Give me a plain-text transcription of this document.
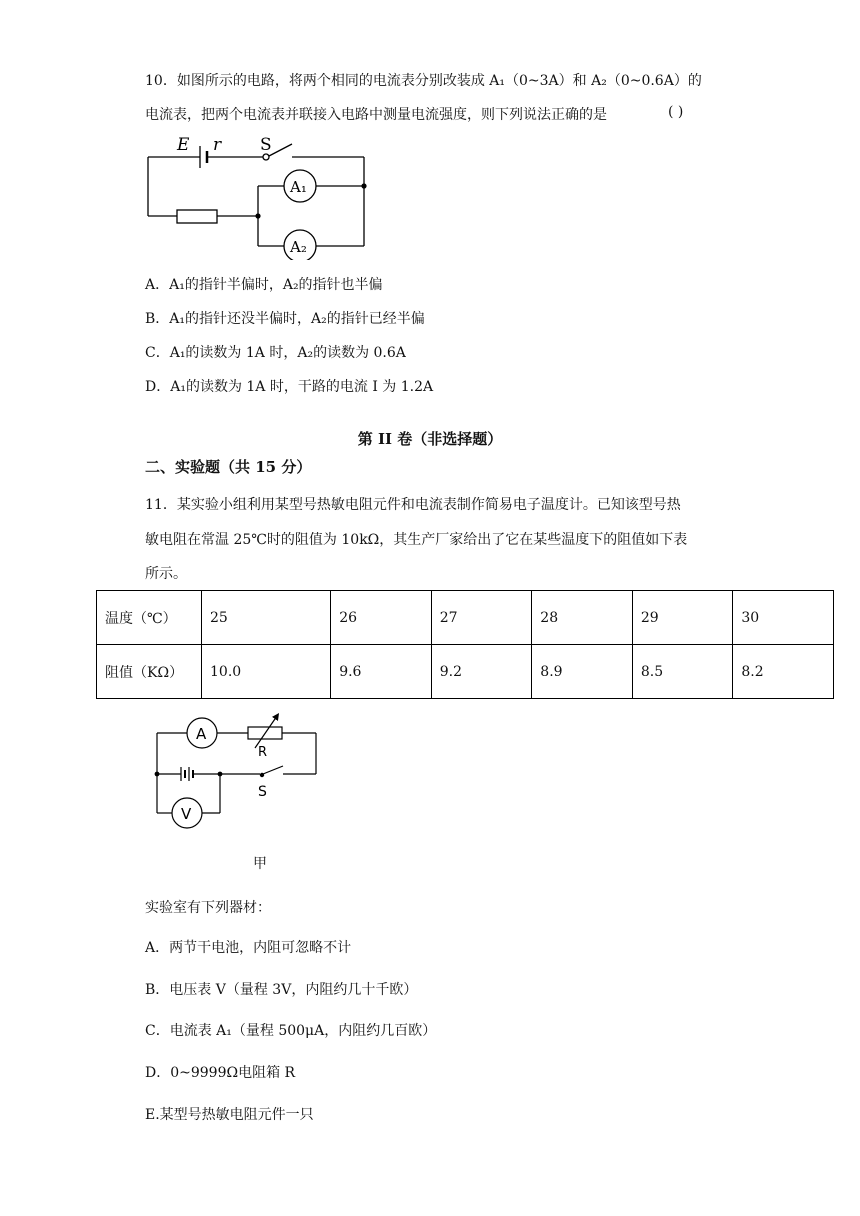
10．如图所示的电路，将两个相同的电流表分别改装成 A₁（0~3A）和 A₂（0~0.6A）的
电流表，把两个电流表并联接入电路中测量电流强度，则下列说法正确的是	( )
E r S
A₁
A₂
A．A₁的指针半偏时，A₂的指针也半偏
B．A₁的指针还没半偏时，A₂的指针已经半偏
C．A₁的读数为 1A 时，A₂的读数为 0.6A
D．A₁的读数为 1A 时，干路的电流 I 为 1.2A
第 II 卷（非选择题）
二、实验题（共 15 分）
11．某实验小组利用某型号热敏电阻元件和电流表制作简易电子温度计。已知该型号热
敏电阻在常温 25℃时的阻值为 10kΩ，其生产厂家给出了它在某些温度下的阻值如下表
所示。
温度（℃）	25	26	27	28	29	30
阻值（KΩ）	10.0	9.6	9.2	8.9	8.5	8.2
A
R
V
S
甲
实验室有下列器材：
A．两节干电池，内阻可忽略不计
B．电压表 V（量程 3V，内阻约几十千欧）
C．电流表 A₁（量程 500μA，内阻约几百欧）
D．0~9999Ω电阻箱 R
E.某型号热敏电阻元件一只
